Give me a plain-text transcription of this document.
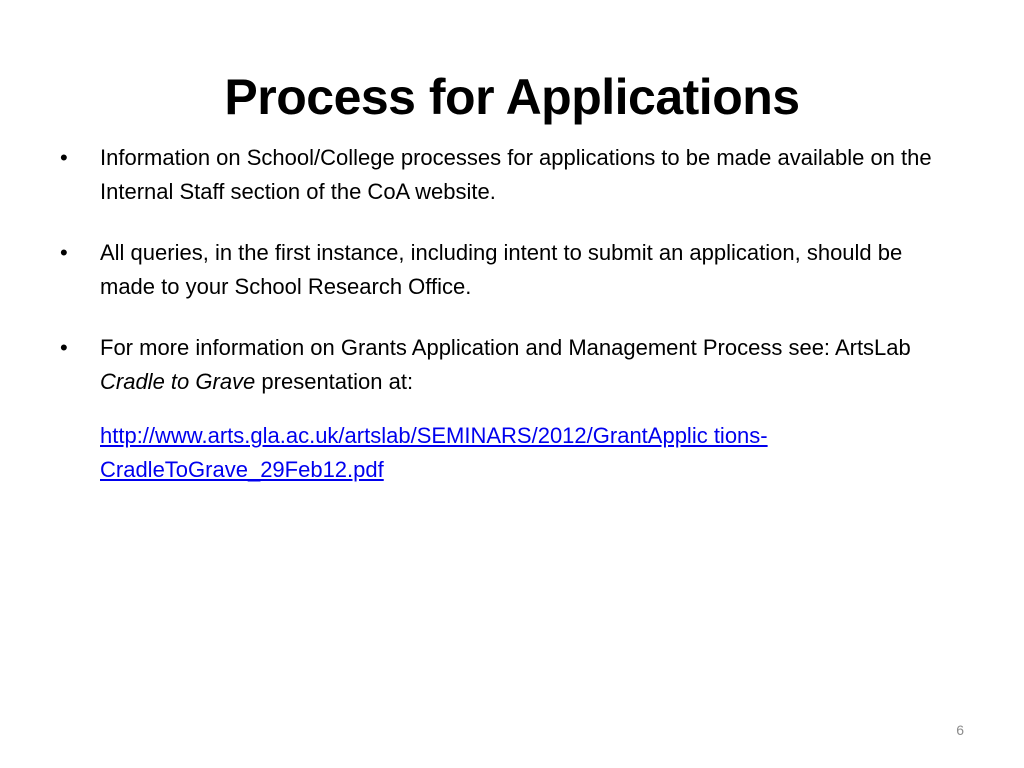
Process for Applications
•	Information on School/College processes for applications to be made available on the Internal Staff section of the CoA website.
•	All queries, in the first instance, including intent to submit an application, should be made to your School Research Office.
•	For more information on Grants Application and Management Process see: ArtsLab Cradle to Grave presentation at:
http://www.arts.gla.ac.uk/artslab/SEMINARS/2012/GrantApplic tions-
CradleToGrave_29Feb12.pdf
6
